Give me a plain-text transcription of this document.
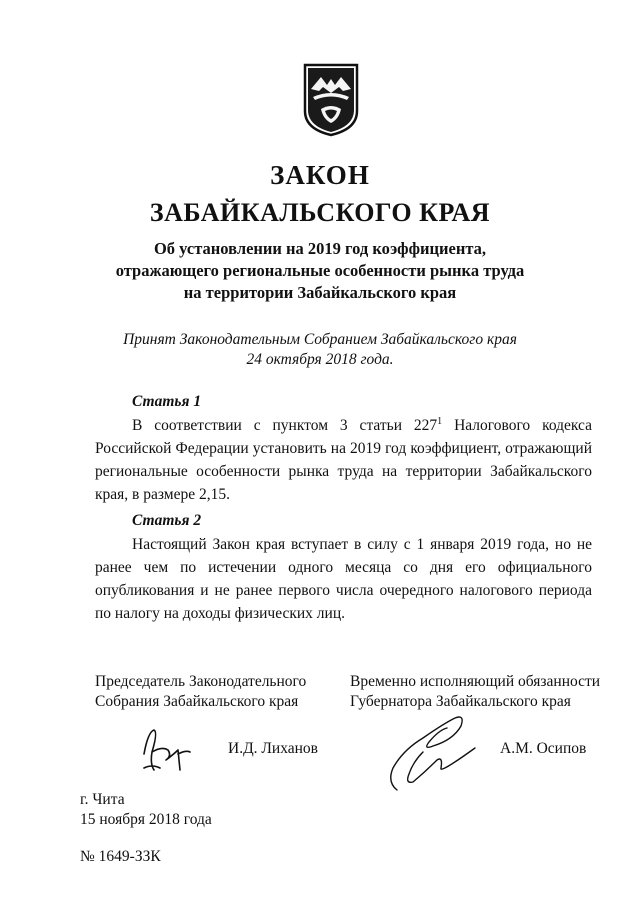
ЗАКОН
ЗАБАЙКАЛЬСКОГО КРАЯ
Об установлении на 2019 год коэффициента,
отражающего региональные особенности рынка труда
на территории Забайкальского края
Принят Законодательным Собранием Забайкальского края
24 октября 2018 года.
Статья 1
В соответствии с пунктом 3 статьи $227^1$ Налогового кодекса Российской Федерации установить на 2019 год коэффициент, отражающий региональные особенности рынка труда на территории Забайкальского края, в размере 2,15.
Статья 2
Настоящий Закон края вступает в силу с 1 января 2019 года, но не ранее чем по истечении одного месяца со дня его официального опубликования и не ранее первого числа очередного налогового периода по налогу на доходы физических лиц.
Председатель Законодательного
Собрания Забайкальского края
Временно исполняющий обязанности
Губернатора Забайкальского края
И.Д. Лиханов	А.М. Осипов
г. Чита
15 ноября 2018 года
№ 1649-ЗЗК
